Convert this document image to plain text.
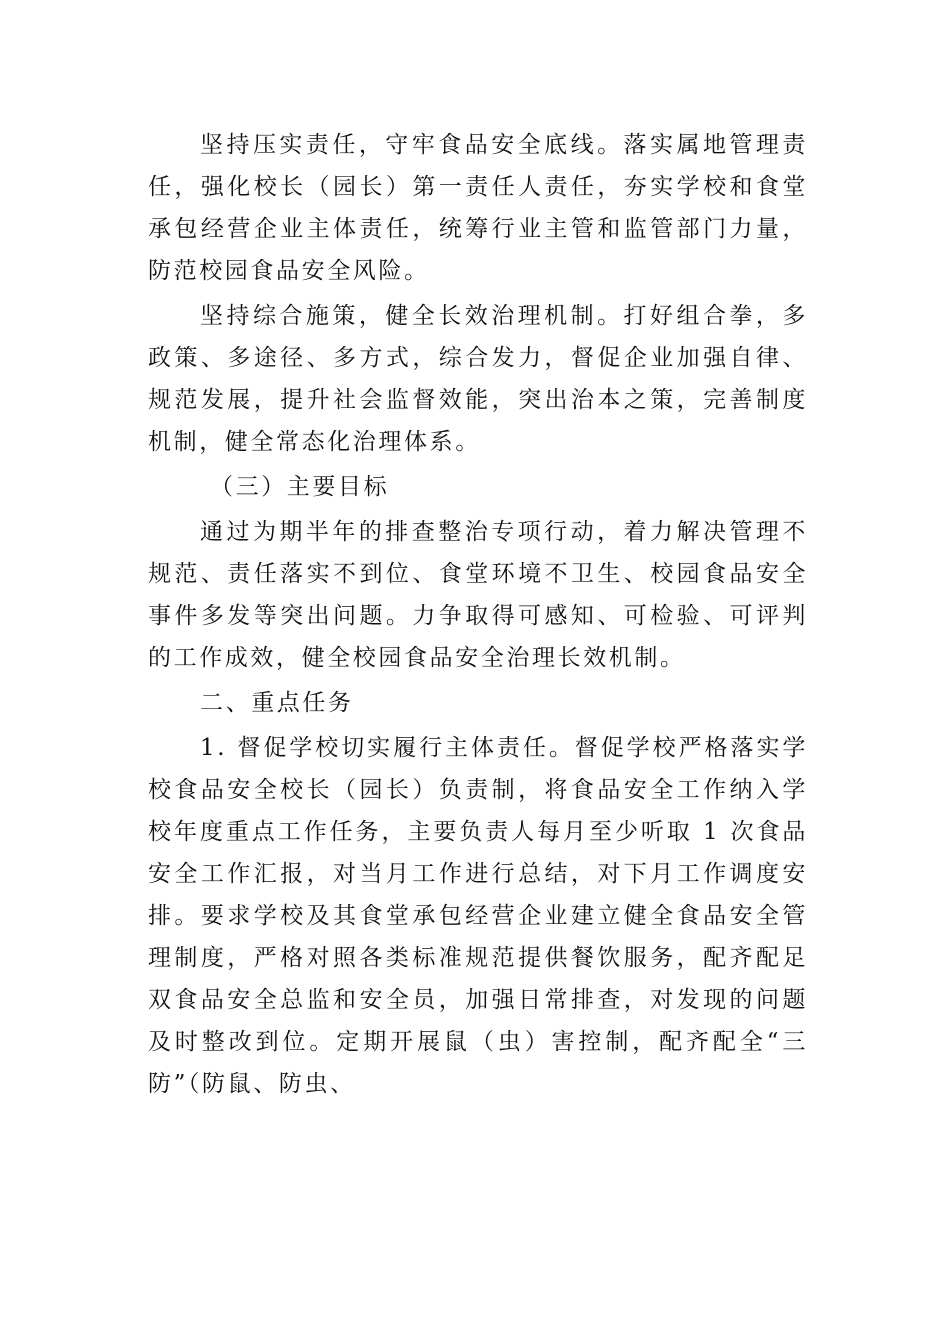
坚持压实责任，守牢食品安全底线。落实属地管理责任，强化校长（园长）第一责任人责任，夯实学校和食堂承包经营企业主体责任，统筹行业主管和监管部门力量，防范校园食品安全风险。

坚持综合施策，健全长效治理机制。打好组合拳，多政策、多途径、多方式，综合发力，督促企业加强自律、规范发展，提升社会监督效能，突出治本之策，完善制度机制，健全常态化治理体系。

（三）主要目标

通过为期半年的排查整治专项行动，着力解决管理不规范、责任落实不到位、食堂环境不卫生、校园食品安全事件多发等突出问题。力争取得可感知、可检验、可评判的工作成效，健全校园食品安全治理长效机制。

二、重点任务

1. 督促学校切实履行主体责任。督促学校严格落实学校食品安全校长（园长）负责制，将食品安全工作纳入学校年度重点工作任务，主要负责人每月至少听取 1 次食品安全工作汇报，对当月工作进行总结，对下月工作调度安排。要求学校及其食堂承包经营企业建立健全食品安全管理制度，严格对照各类标准规范提供餐饮服务，配齐配足双食品安全总监和安全员，加强日常排查，对发现的问题及时整改到位。定期开展鼠（虫）害控制，配齐配全“三防”（防鼠、防虫、
